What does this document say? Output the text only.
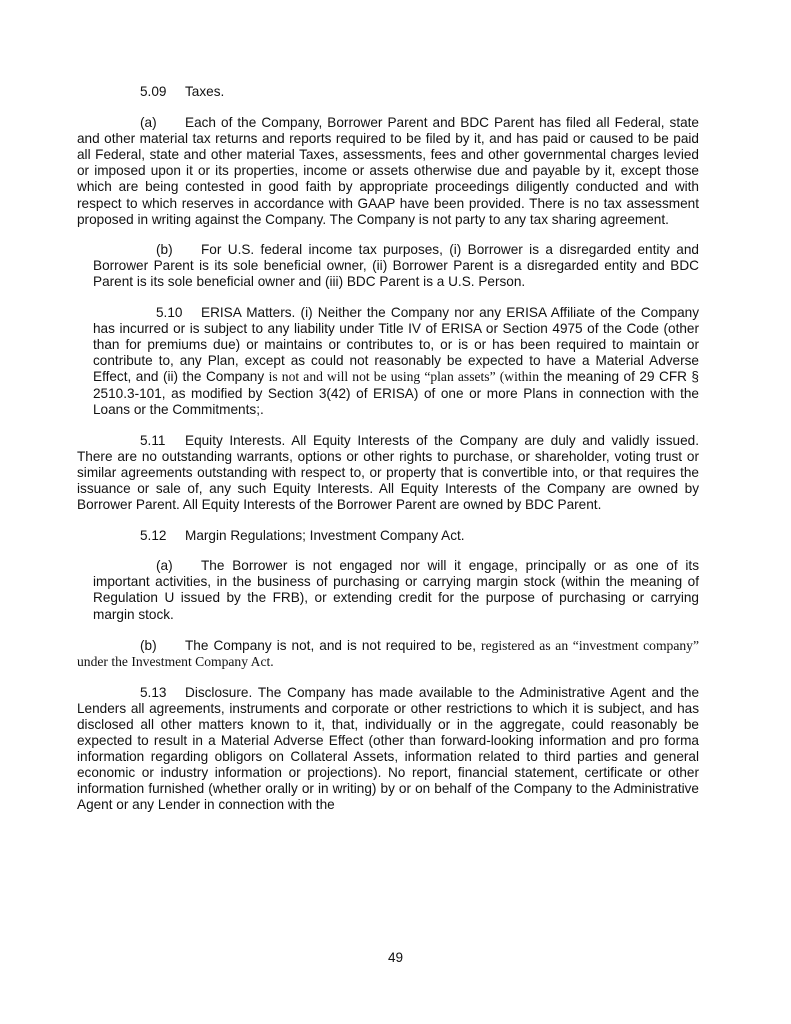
5.09 Taxes.

(a) Each of the Company, Borrower Parent and BDC Parent has filed all Federal, state and other material tax returns and reports required to be filed by it, and has paid or caused to be paid all Federal, state and other material Taxes, assessments, fees and other governmental charges levied or imposed upon it or its properties, income or assets otherwise due and payable by it, except those which are being contested in good faith by appropriate proceedings diligently conducted and with respect to which reserves in accordance with GAAP have been provided. There is no tax assessment proposed in writing against the Company. The Company is not party to any tax sharing agreement.

(b) For U.S. federal income tax purposes, (i) Borrower is a disregarded entity and Borrower Parent is its sole beneficial owner, (ii) Borrower Parent is a disregarded entity and BDC Parent is its sole beneficial owner and (iii) BDC Parent is a U.S. Person.

5.10 ERISA Matters. (i) Neither the Company nor any ERISA Affiliate of the Company has incurred or is subject to any liability under Title IV of ERISA or Section 4975 of the Code (other than for premiums due) or maintains or contributes to, or is or has been required to maintain or contribute to, any Plan, except as could not reasonably be expected to have a Material Adverse Effect, and (ii) the Company is not and will not be using “plan assets” (within the meaning of 29 CFR § 2510.3-101, as modified by Section 3(42) of ERISA) of one or more Plans in connection with the Loans or the Commitments;.

5.11 Equity Interests. All Equity Interests of the Company are duly and validly issued. There are no outstanding warrants, options or other rights to purchase, or shareholder, voting trust or similar agreements outstanding with respect to, or property that is convertible into, or that requires the issuance or sale of, any such Equity Interests. All Equity Interests of the Company are owned by Borrower Parent. All Equity Interests of the Borrower Parent are owned by BDC Parent.

5.12 Margin Regulations; Investment Company Act.

(a) The Borrower is not engaged nor will it engage, principally or as one of its important activities, in the business of purchasing or carrying margin stock (within the meaning of Regulation U issued by the FRB), or extending credit for the purpose of purchasing or carrying margin stock.

(b) The Company is not, and is not required to be, registered as an “investment company” under the Investment Company Act.

5.13 Disclosure. The Company has made available to the Administrative Agent and the Lenders all agreements, instruments and corporate or other restrictions to which it is subject, and has disclosed all other matters known to it, that, individually or in the aggregate, could reasonably be expected to result in a Material Adverse Effect (other than forward-looking information and pro forma information regarding obligors on Collateral Assets, information related to third parties and general economic or industry information or projections). No report, financial statement, certificate or other information furnished (whether orally or in writing) by or on behalf of the Company to the Administrative Agent or any Lender in connection with the

49
